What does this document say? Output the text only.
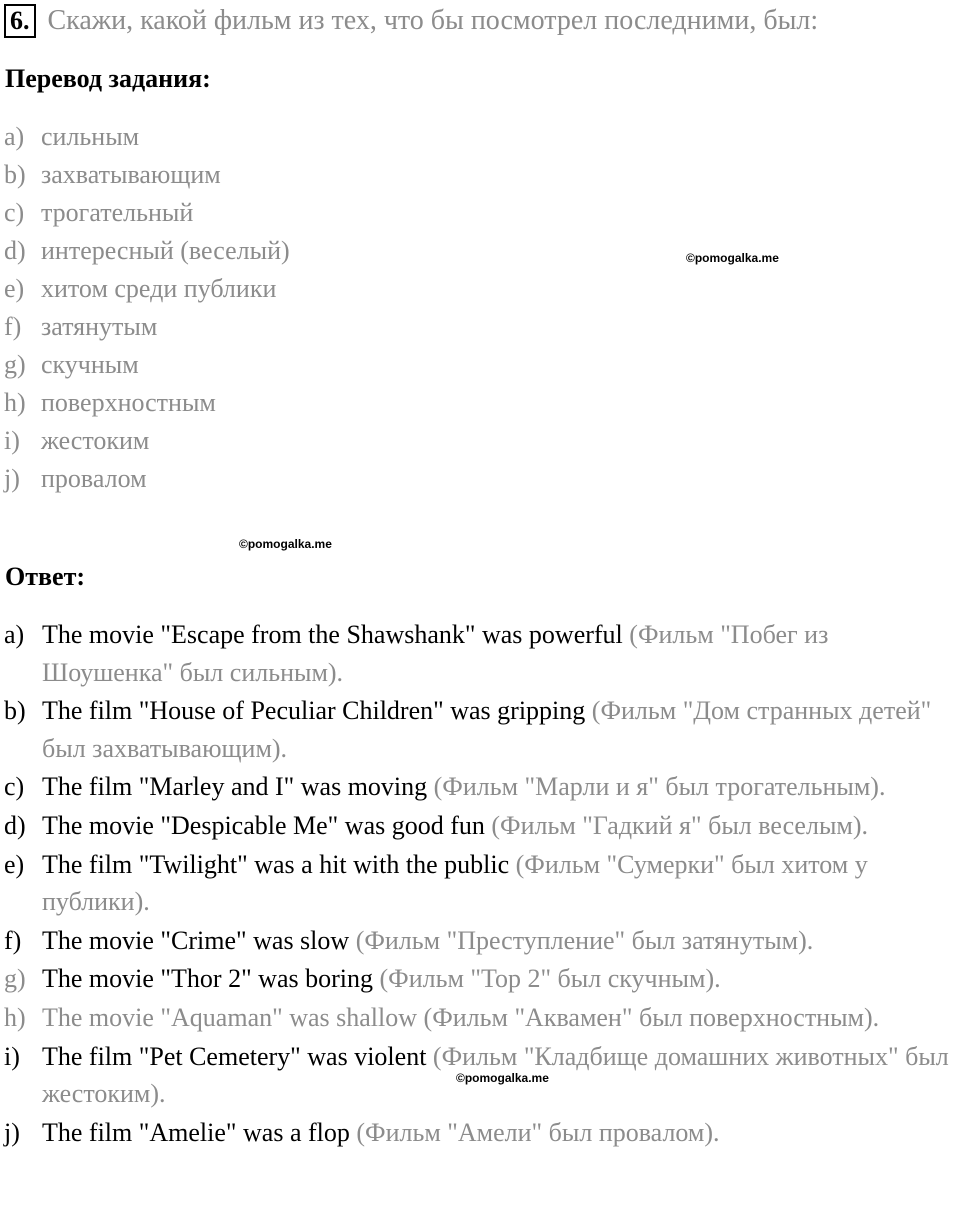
6. Скажи, какой фильм из тех, что бы посмотрел последними, был:
Перевод задания:
a) сильным
b) захватывающим
c) трогательный
d) интересный (веселый)
e) хитом среди публики
f) затянутым
g) скучным
h) поверхностным
i) жестоким
j) провалом
©pomogalka.me
©pomogalka.me
Ответ:
a) The movie "Escape from the Shawshank" was powerful (Фильм "Побег из Шоушенка" был сильным).
b) The film "House of Peculiar Children" was gripping (Фильм "Дом странных детей" был захватывающим).
c) The film "Marley and I" was moving (Фильм "Марли и я" был трогательным).
d) The movie "Despicable Me" was good fun (Фильм "Гадкий я" был веселым).
e) The film "Twilight" was a hit with the public (Фильм "Сумерки" был хитом у публики).
f) The movie "Crime" was slow (Фильм "Преступление" был затянутым).
g) The movie "Thor 2" was boring (Фильм "Тор 2" был скучным).
h) The movie "Aquaman" was shallow (Фильм "Аквамен" был поверхностным).
i) The film "Pet Cemetery" was violent (Фильм "Кладбище домашних животных" был жестоким).
j) The film "Amelie" was a flop (Фильм "Амели" был провалом).
©pomogalka.me
